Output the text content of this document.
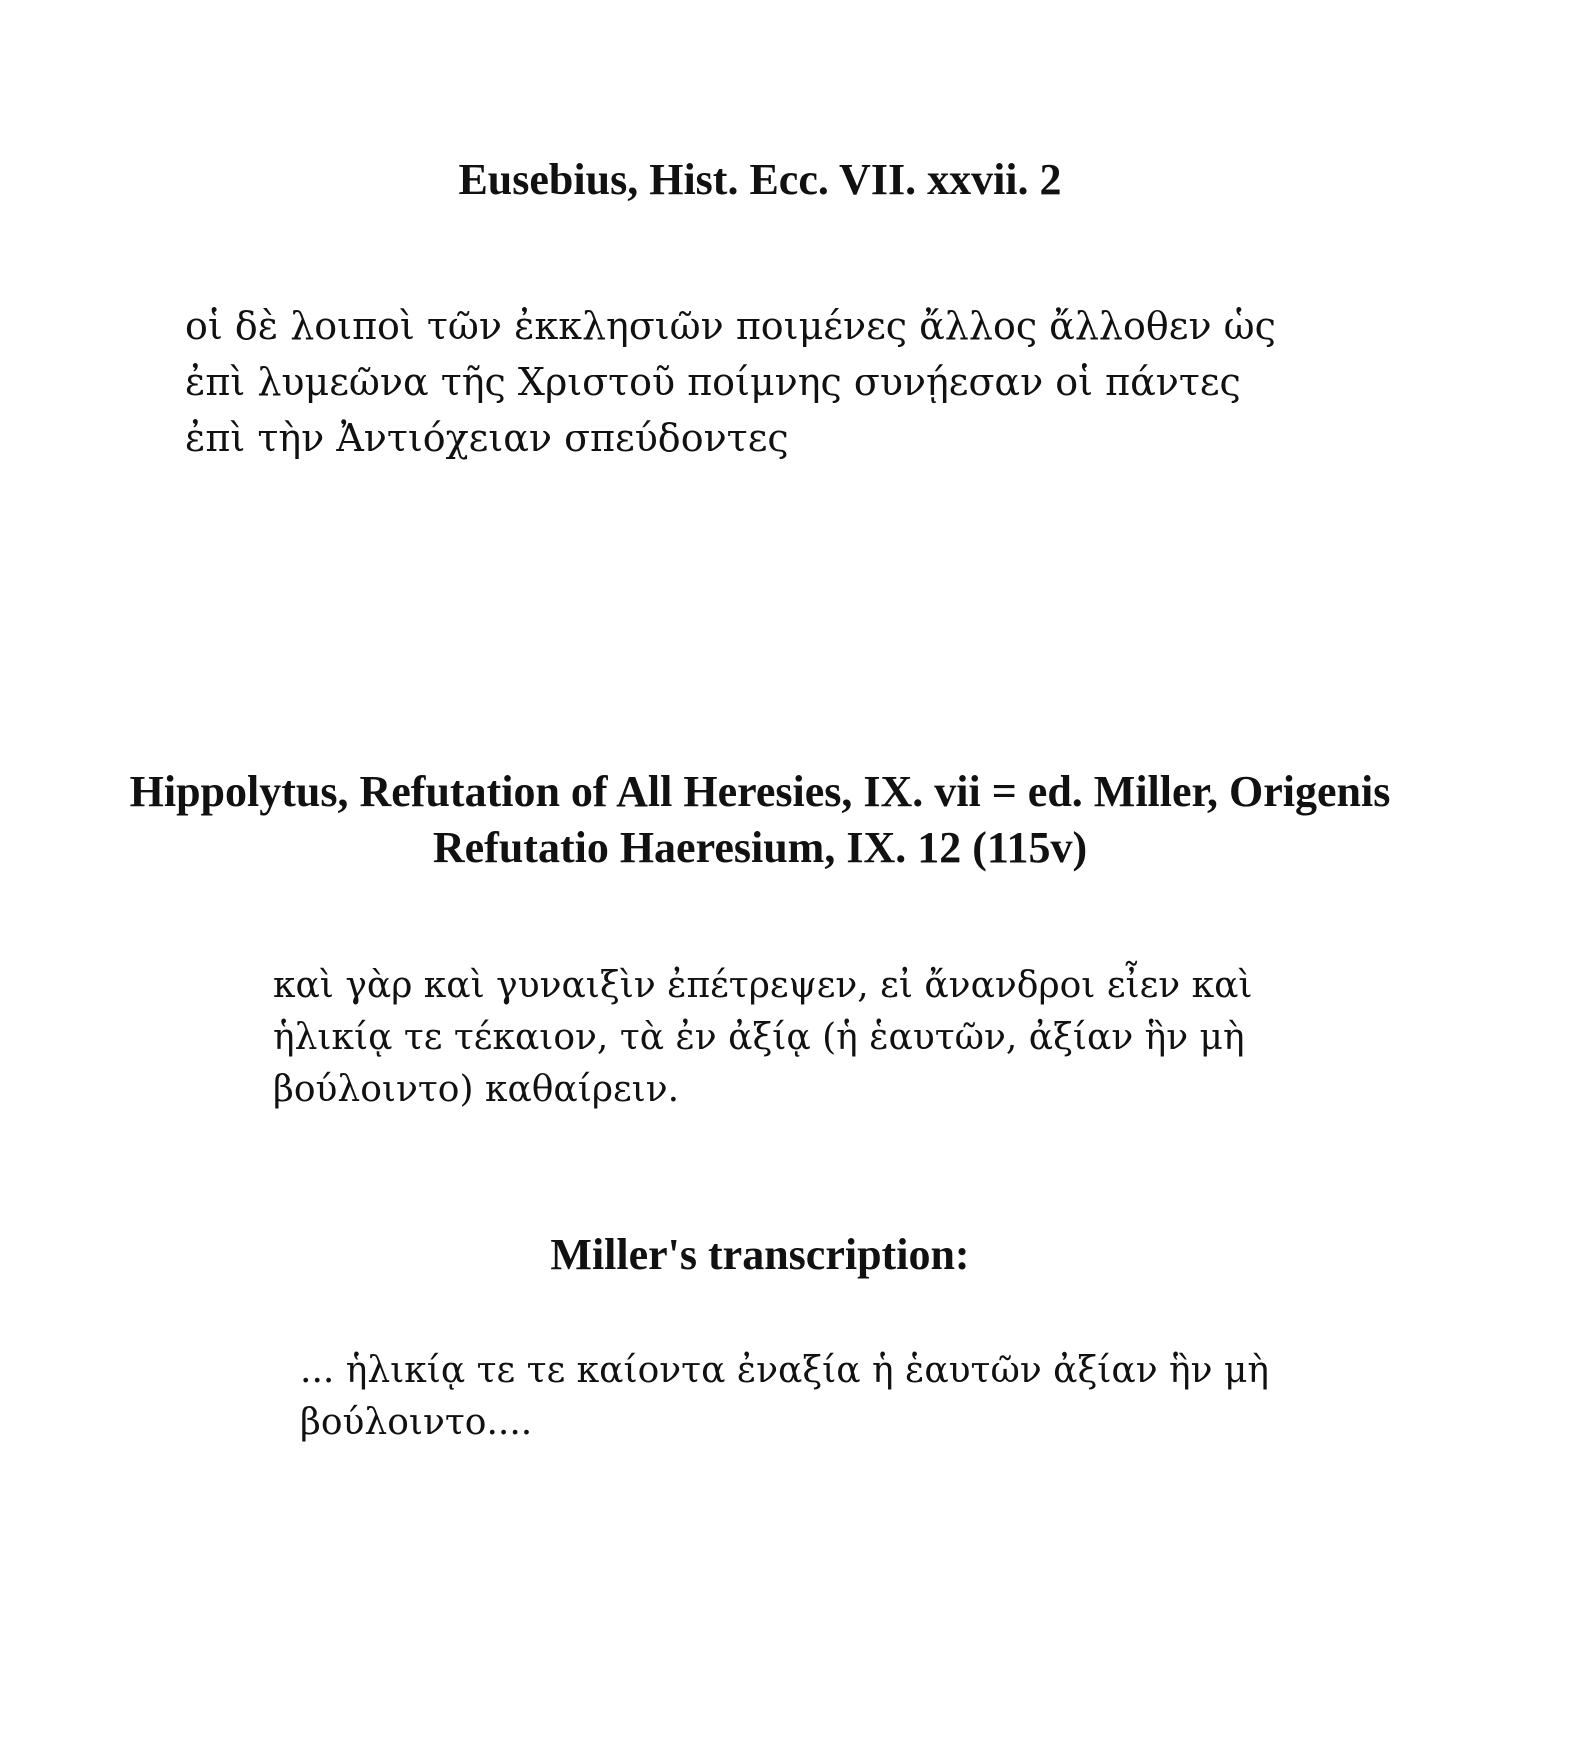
Eusebius, Hist. Ecc. VII. xxvii. 2
οἱ δὲ λοιποὶ τῶν ἐκκλησιῶν ποιμένες ἄλλος ἄλλοθεν ὡς
ἐπὶ λυμεῶνα τῆς Χριστοῦ ποίμνης συνῄεσαν οἱ πάντες
ἐπὶ τὴν Ἀντιόχειαν σπεύδοντες
Hippolytus, Refutation of All Heresies, IX. vii = ed. Miller, Origenis
Refutatio Haeresium, IX. 12 (115v)
καὶ γὰρ καὶ γυναιξὶν ἐπέτρεψεν, εἰ ἄνανδροι εἶεν καὶ
ἡλικίᾳ τε τέκαιον, τὰ ἐν ἀξίᾳ (ἡ ἑαυτῶν, ἀξίαν ἣν μὴ
βούλοιντο) καθαίρειν.
Miller's transcription:
... ἡλικίᾳ τε τε καίοντα ἐναξία ἡ ἑαυτῶν ἀξίαν ἣν μὴ
βούλοιντο....
